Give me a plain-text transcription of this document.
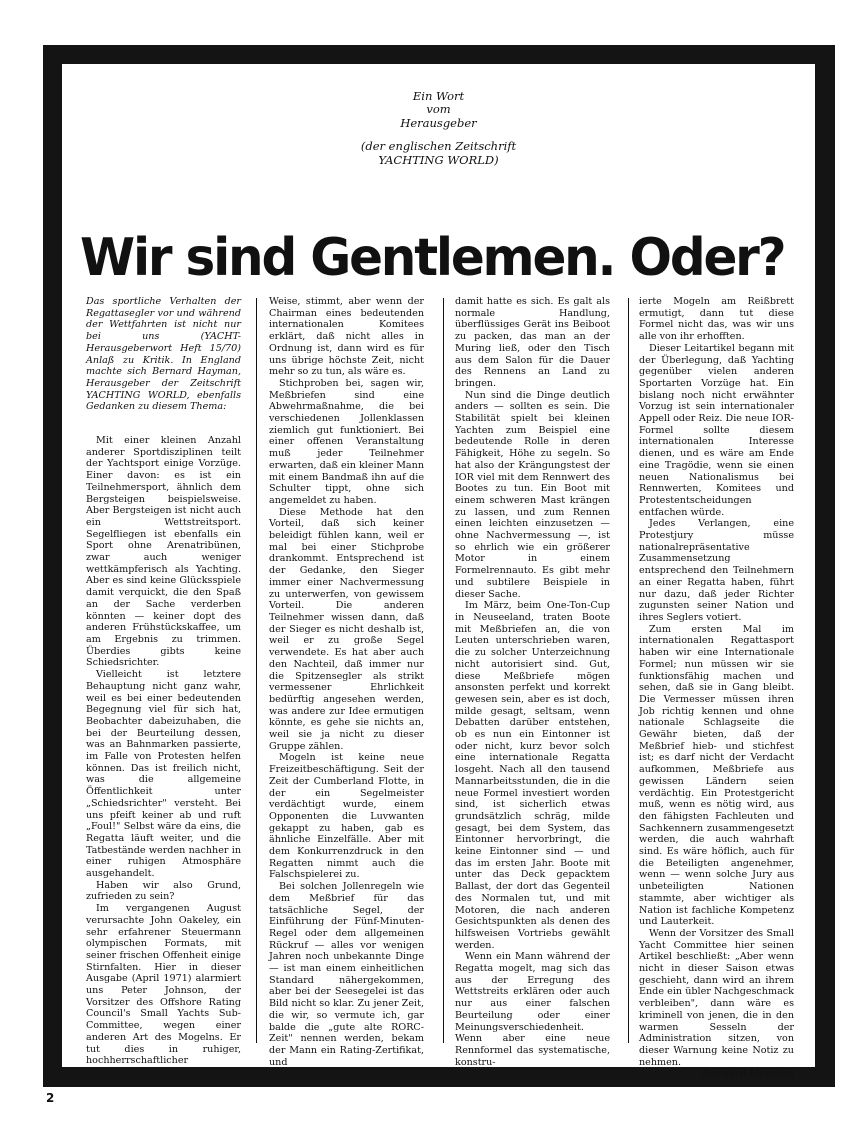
Ein Wort
vom
Herausgeber
(der englischen Zeitschrift
YACHTING WORLD)
Wir sind Gentlemen. Oder?

Das sportliche Verhalten der Regattasegler vor und während der Wettfahrten ist nicht nur bei uns (YACHT-Herausgeberwort Heft 15/70) Anlaß zu Kritik. In England machte sich Bernard Hayman, Herausgeber der Zeitschrift YACHTING WORLD, ebenfalls Gedanken zu diesem Thema:

Mit einer kleinen Anzahl anderer Sportdisziplinen teilt der Yachtsport einige Vorzüge. Einer davon: es ist ein Teilnehmersport, ähnlich dem Bergsteigen beispielsweise. Aber Bergsteigen ist nicht auch ein Wettstreitsport. Segelfliegen ist ebenfalls ein Sport ohne Arenatribünen, zwar auch weniger wettkämpferisch als Yachting. Aber es sind keine Glücksspiele damit verquickt, die den Spaß an der Sache verderben könnten — keiner dopt des anderen Frühstückskaffee, um am Ergebnis zu trimmen. Überdies gibts keine Schiedsrichter.

Vielleicht ist letztere Behauptung nicht ganz wahr, weil es bei einer bedeutenden Begegnung viel für sich hat, Beobachter dabeizuhaben, die bei der Beurteilung dessen, was an Bahnmarken passierte, im Falle von Protesten helfen können. Das ist freilich nicht, was die allgemeine Öffentlichkeit unter „Schiedsrichter" versteht. Bei uns pfeift keiner ab und ruft „Foul!" Selbst wäre da eins, die Regatta läuft weiter, und die Tatbestände werden nachher in einer ruhigen Atmosphäre ausgehandelt.

Haben wir also Grund, zufrieden zu sein?

Im vergangenen August verursachte John Oakeley, ein sehr erfahrener Steuermann olympischen Formats, mit seiner frischen Offenheit einige Stirnfalten. Hier in dieser Ausgabe (April 1971) alarmiert uns Peter Johnson, der Vorsitzer des Offshore Rating Council's Small Yachts Sub-Committee, wegen einer anderen Art des Mogelns. Er tut dies in ruhiger, hochherrschaftlicher

Weise, stimmt, aber wenn der Chairman eines bedeutenden internationalen Komitees erklärt, daß nicht alles in Ordnung ist, dann wird es für uns übrige höchste Zeit, nicht mehr so zu tun, als wäre es.

Stichproben bei, sagen wir, Meßbriefen sind eine Abwehrmaßnahme, die bei verschiedenen Jollenklassen ziemlich gut funktioniert. Bei einer offenen Veranstaltung muß jeder Teilnehmer erwarten, daß ein kleiner Mann mit einem Bandmaß ihn auf die Schulter tippt, ohne sich angemeldet zu haben.

Diese Methode hat den Vorteil, daß sich keiner beleidigt fühlen kann, weil er mal bei einer Stichprobe drankommt. Entsprechend ist der Gedanke, den Sieger immer einer Nachvermessung zu unterwerfen, von gewissem Vorteil. Die anderen Teilnehmer wissen dann, daß der Sieger es nicht deshalb ist, weil er zu große Segel verwendete. Es hat aber auch den Nachteil, daß immer nur die Spitzensegler als strikt vermessener Ehrlichkeit bedürftig angesehen werden, was andere zur Idee ermutigen könnte, es gehe sie nichts an, weil sie ja nicht zu dieser Gruppe zählen.

Mogeln ist keine neue Freizeitbeschäftigung. Seit der Zeit der Cumberland Flotte, in der ein Segelmeister verdächtigt wurde, einem Opponenten die Luvwanten gekappt zu haben, gab es ähnliche Einzelfälle. Aber mit dem Konkurrenzdruck in den Regatten nimmt auch die Falschspielerei zu.

Bei solchen Jollenregeln wie dem Meßbrief für das tatsächliche Segel, der Einführung der Fünf-Minuten-Regel oder dem allgemeinen Rückruf — alles vor wenigen Jahren noch unbekannte Dinge — ist man einem einheitlichen Standard nähergekommen, aber bei der Seesegelei ist das Bild nicht so klar. Zu jener Zeit, die wir, so vermute ich, gar balde die „gute alte RORC-Zeit" nennen werden, bekam der Mann ein Rating-Zertifikat, und

damit hatte es sich. Es galt als normale Handlung, überflüssiges Gerät ins Beiboot zu packen, das man an der Muring ließ, oder den Tisch aus dem Salon für die Dauer des Rennens an Land zu bringen.

Nun sind die Dinge deutlich anders — sollten es sein. Die Stabilität spielt bei kleinen Yachten zum Beispiel eine bedeutende Rolle in deren Fähigkeit, Höhe zu segeln. So hat also der Krängungstest der IOR viel mit dem Rennwert des Bootes zu tun. Ein Boot mit einem schweren Mast krängen zu lassen, und zum Rennen einen leichten einzusetzen — ohne Nachvermessung —, ist so ehrlich wie ein größerer Motor in einem Formelrennauto. Es gibt mehr und subtilere Beispiele in dieser Sache.

Im März, beim One-Ton-Cup in Neuseeland, traten Boote mit Meßbriefen an, die von Leuten unterschrieben waren, die zu solcher Unterzeichnung nicht autorisiert sind. Gut, diese Meßbriefe mögen ansonsten perfekt und korrekt gewesen sein, aber es ist doch, milde gesagt, seltsam, wenn Debatten darüber entstehen, ob es nun ein Eintonner ist oder nicht, kurz bevor solch eine internationale Regatta losgeht. Nach all den tausend Mannarbeitsstunden, die in die neue Formel investiert worden sind, ist sicherlich etwas grundsätzlich schräg, milde gesagt, bei dem System, das Eintonner hervorbringt, die keine Eintonner sind — und das im ersten Jahr. Boote mit unter das Deck gepacktem Ballast, der dort das Gegenteil des Normalen tut, und mit Motoren, die nach anderen Gesichtspunkten als denen des hilfsweisen Vortriebs gewählt werden.

Wenn ein Mann während der Regatta mogelt, mag sich das aus der Erregung des Wettstreits erklären oder auch nur aus einer falschen Beurteilung oder einer Meinungsverschiedenheit. Wenn aber eine neue Rennformel das systematische, konstru-

ierte Mogeln am Reißbrett ermutigt, dann tut diese Formel nicht das, was wir uns alle von ihr erhofften.

Dieser Leitartikel begann mit der Überlegung, daß Yachting gegenüber vielen anderen Sportarten Vorzüge hat. Ein bislang noch nicht erwähnter Vorzug ist sein internationaler Appell oder Reiz. Die neue IOR-Formel sollte diesem internationalen Interesse dienen, und es wäre am Ende eine Tragödie, wenn sie einen neuen Nationalismus bei Rennwerten, Komitees und Protestentscheidungen entfachen würde.

Jedes Verlangen, eine Protestjury müsse nationalrepräsentative Zusammensetzung entsprechend den Teilnehmern an einer Regatta haben, führt nur dazu, daß jeder Richter zugunsten seiner Nation und ihres Seglers votiert.

Zum ersten Mal im internationalen Regattasport haben wir eine Internationale Formel; nun müssen wir sie funktionsfähig machen und sehen, daß sie in Gang bleibt. Die Vermesser müssen ihren Job richtig kennen und ohne nationale Schlagseite die Gewähr bieten, daß der Meßbrief hieb- und stichfest ist; es darf nicht der Verdacht aufkommen, Meßbriefe aus gewissen Ländern seien verdächtig. Ein Protestgericht muß, wenn es nötig wird, aus den fähigsten Fachleuten und Sachkennern zusammengesetzt werden, die auch wahrhaft sind. Es wäre höflich, auch für die Beteiligten angenehmer, wenn — wenn solche Jury aus unbeteiligten Nationen stammte, aber wichtiger als Nation ist fachliche Kompetenz und Lauterkeit.

Wenn der Vorsitzer des Small Yacht Committee hier seinen Artikel beschließt: „Aber wenn nicht in dieser Saison etwas geschieht, dann wird an ihrem Ende ein übler Nachgeschmack verbleiben", dann wäre es kriminell von jenen, die in den warmen Sesseln der Administration sitzen, von dieser Warnung keine Notiz zu nehmen.

Bernard Hayman

2
